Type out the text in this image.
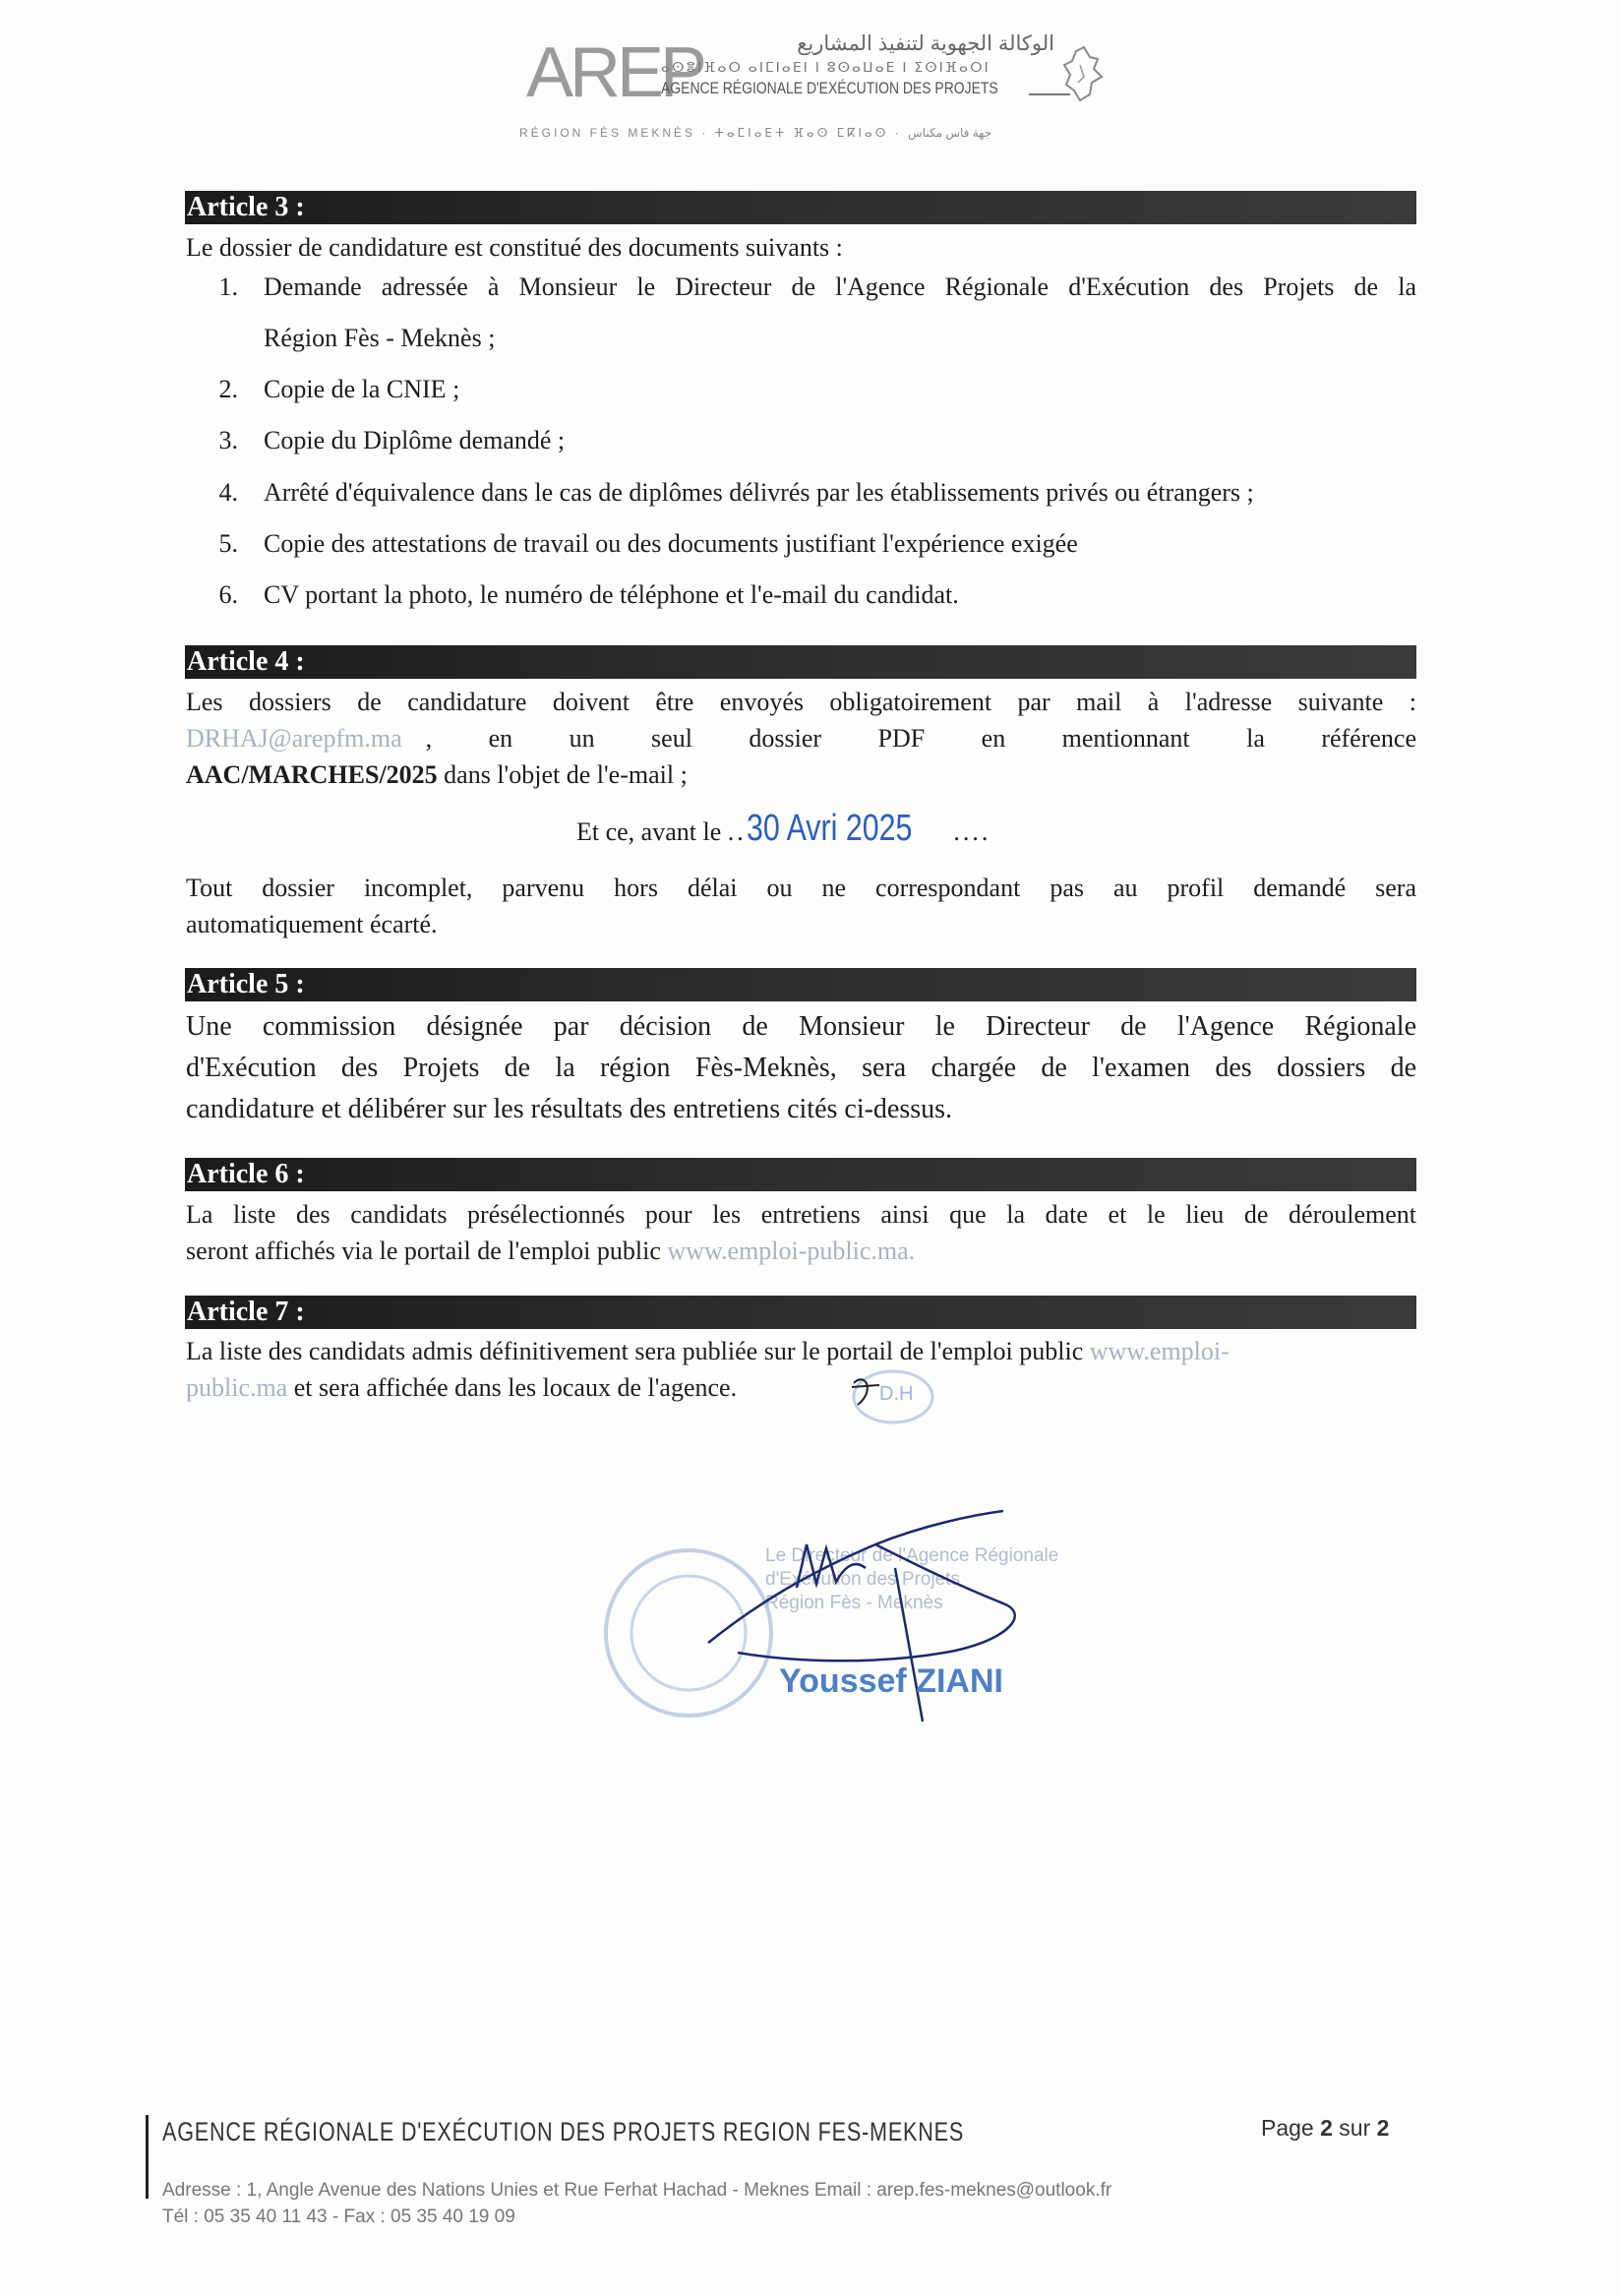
AREP	الوكالة الجهوية لتنفيذ المشاريع
ⴰⵙⴻⵏⴼⴰⵔ ⴰⵏⵎⵏⴰⴹⵏ ⵏ ⵓⵙⴰⵡⴰⴹ ⵏ ⵉⵙⵏⴼⴰⵔⵏ
AGENCE RÉGIONALE D'EXÉCUTION DES PROJETS
RÉGION FÈS MEKNÈS · ⵜⴰⵎⵏⴰⴹⵜ ⴼⴰⵙ ⵎⴽⵏⴰⵙ · جهة فاس مكناس
Article 3 :
Le dossier de candidature est constitué des documents suivants :
1. Demande adressée à Monsieur le Directeur de l'Agence Régionale d'Exécution des Projets de la
Région Fès - Meknès ;
2. Copie de la CNIE ;
3. Copie du Diplôme demandé ;
4. Arrêté d'équivalence dans le cas de diplômes délivrés par les établissements privés ou étrangers ;
5. Copie des attestations de travail ou des documents justifiant l'expérience exigée
6. CV portant la photo, le numéro de téléphone et l'e-mail du candidat.
Article 4 :
Les dossiers de candidature doivent être envoyés obligatoirement par mail à l'adresse suivante :
DRHAJ@arepfm.ma , en un seul dossier PDF en mentionnant la référence
AAC/MARCHES/2025 dans l'objet de l'e-mail ;
Et ce, avant le ..30 Avri 2025 ....
Tout dossier incomplet, parvenu hors délai ou ne correspondant pas au profil demandé sera
automatiquement écarté.
Article 5 :
Une commission désignée par décision de Monsieur le Directeur de l'Agence Régionale
d'Exécution des Projets de la région Fès-Meknès, sera chargée de l'examen des dossiers de
candidature et délibérer sur les résultats des entretiens cités ci-dessus.
Article 6 :
La liste des candidats présélectionnés pour les entretiens ainsi que la date et le lieu de déroulement
seront affichés via le portail de l'emploi public www.emploi-public.ma.
Article 7 :
La liste des candidats admis définitivement sera publiée sur le portail de l'emploi public www.emploi-
public.ma et sera affichée dans les locaux de l'agence.	D.H
Le Directeur de l'Agence Régionale
d'Exécution des Projets
Région Fès - Meknès
Youssef ZIANI
AGENCE RÉGIONALE D'EXÉCUTION DES PROJETS REGION FES-MEKNES	Page 2 sur 2
Adresse : 1, Angle Avenue des Nations Unies et Rue Ferhat Hachad - Meknes Email : arep.fes-meknes@outlook.fr
Tél : 05 35 40 11 43 - Fax : 05 35 40 19 09
